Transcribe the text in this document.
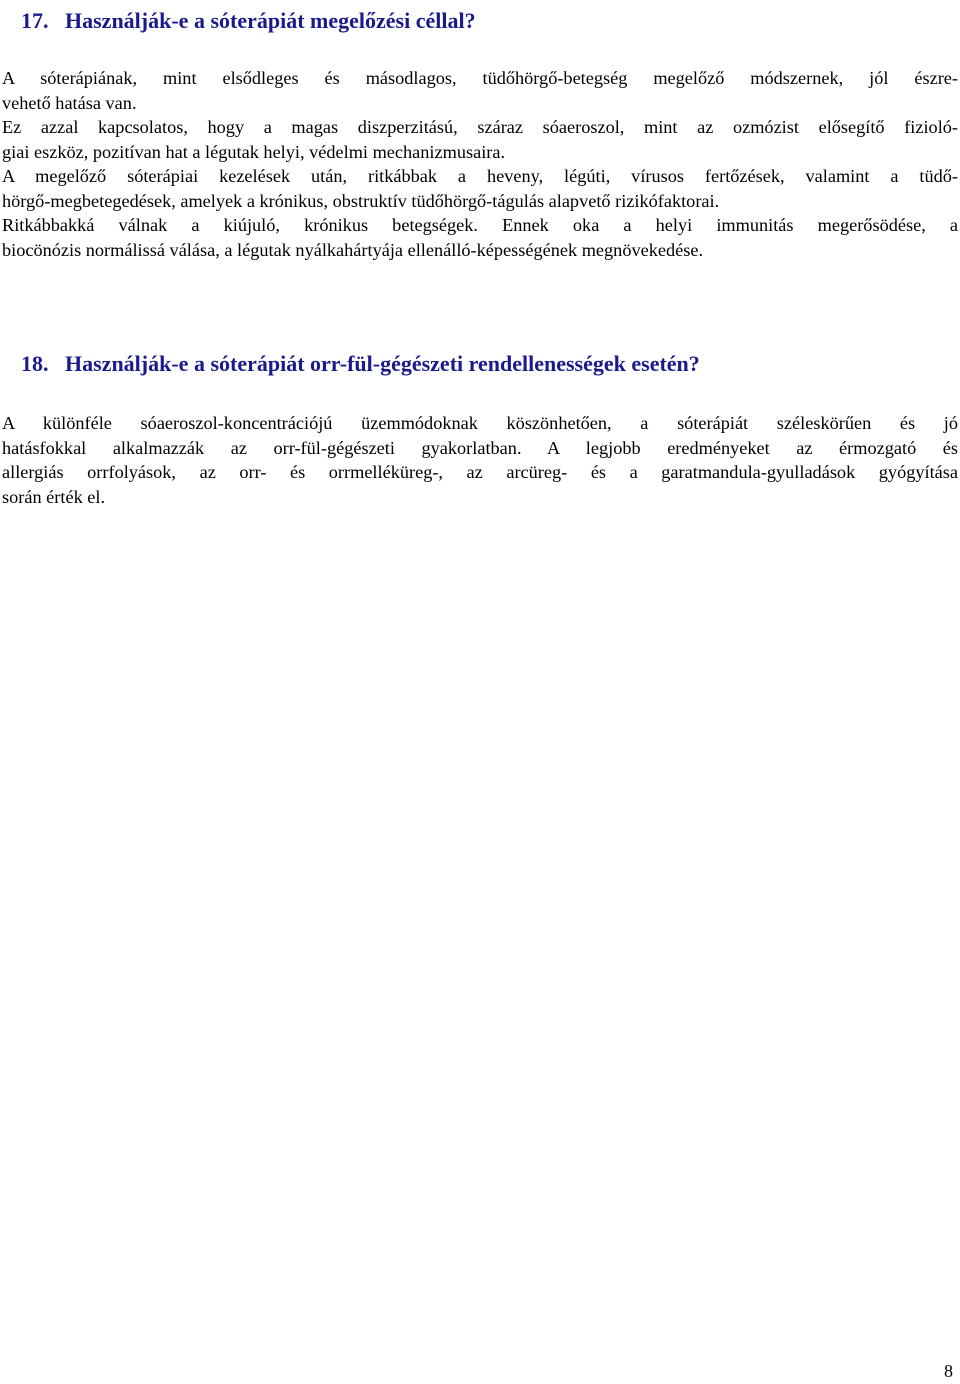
17. Használják-e a sóterápiát megelőzési céllal?
A sóterápiának, mint elsődleges és másodlagos, tüdőhörgő-betegség megelőző módszernek, jól észre-
vehető hatása van.
Ez azzal kapcsolatos, hogy a magas diszperzitású, száraz sóaeroszol, mint az ozmózist elősegítő fizioló-
giai eszköz, pozitívan hat a légutak helyi, védelmi mechanizmusaira.
A megelőző sóterápiai kezelések után, ritkábbak a heveny, légúti, vírusos fertőzések, valamint a tüdő-
hörgő-megbetegedések, amelyek a krónikus, obstruktív tüdőhörgő-tágulás alapvető rizikófaktorai.
Ritkábbakká válnak a kiújuló, krónikus betegségek. Ennek oka a helyi immunitás megerősödése, a
biocönózis normálissá válása, a légutak nyálkahártyája ellenálló-képességének megnövekedése.
18. Használják-e a sóterápiát orr-fül-gégészeti rendellenességek esetén?
A különféle sóaeroszol-koncentrációjú üzemmódoknak köszönhetően, a sóterápiát széleskörűen és jó
hatásfokkal alkalmazzák az orr-fül-gégészeti gyakorlatban. A legjobb eredményeket az érmozgató és
allergiás orrfolyások, az orr- és orrmelléküreg-, az arcüreg- és a garatmandula-gyulladások gyógyítása
során érték el.
8
